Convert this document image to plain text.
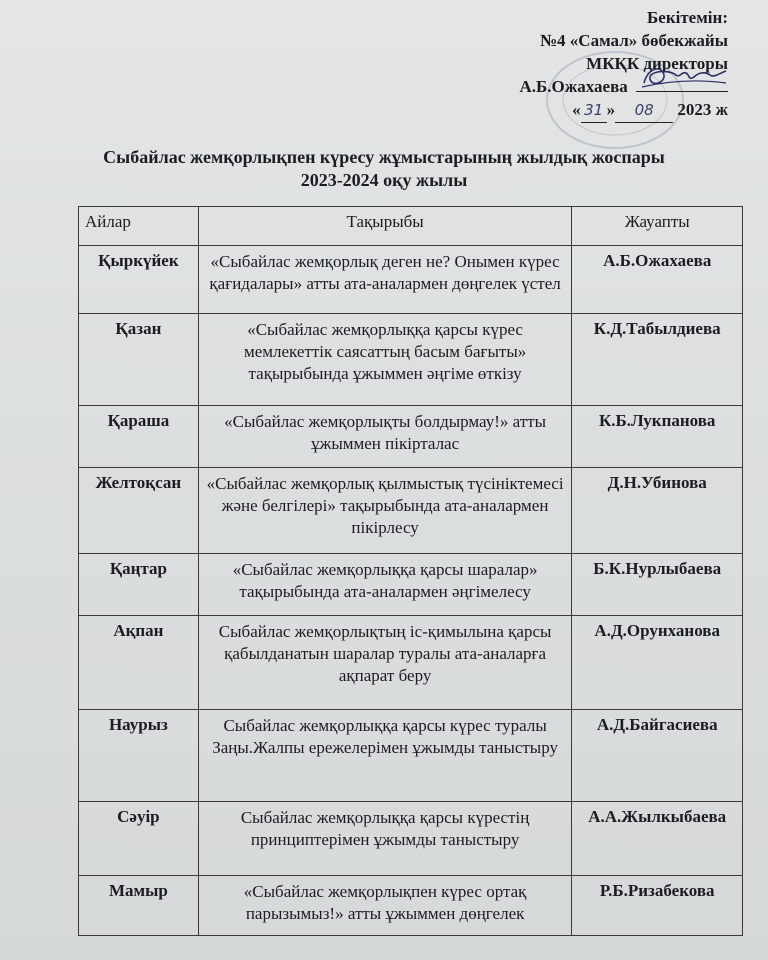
Бекітемін:
№4 «Самал» бөбекжайы
МКҚК директоры
А.Б.Ожахаева
« 31 » 08 2023 ж
Сыбайлас жемқорлықпен күресу жұмыстарының жылдық жоспары
2023-2024 оқу жылы
Айлар	Тақырыбы	Жауапты
Қыркүйек	«Сыбайлас жемқорлық деген не? Онымен күрес қағидалары» атты ата-аналармен дөңгелек үстел	А.Б.Ожахаева
Қазан	«Сыбайлас жемқорлыққа қарсы күрес мемлекеттік саясаттың басым бағыты» тақырыбында ұжыммен әңгіме өткізу	К.Д.Табылдиева
Қараша	«Сыбайлас жемқорлықты болдырмау!» атты ұжыммен пікірталас	К.Б.Лукпанова
Желтоқсан	«Сыбайлас жемқорлық қылмыстық түсініктемесі және белгілері» тақырыбында ата-аналармен пікірлесу	Д.Н.Убинова
Қаңтар	«Сыбайлас жемқорлыққа қарсы шаралар» тақырыбында ата-аналармен әңгімелесу	Б.К.Нурлыбаева
Ақпан	Сыбайлас жемқорлықтың іс-қимылына қарсы қабылданатын шаралар туралы ата-аналарға ақпарат беру	А.Д.Орунханова
Наурыз	Сыбайлас жемқорлыққа қарсы күрес туралы Заңы.Жалпы ережелерімен ұжымды таныстыру	А.Д.Байгасиева
Сәуір	Сыбайлас жемқорлыққа қарсы күрестің принциптерімен ұжымды таныстыру	А.А.Жылкыбаева
Мамыр	«Сыбайлас жемқорлықпен күрес ортақ парызымыз!» атты ұжыммен дөңгелек	Р.Б.Ризабекова
